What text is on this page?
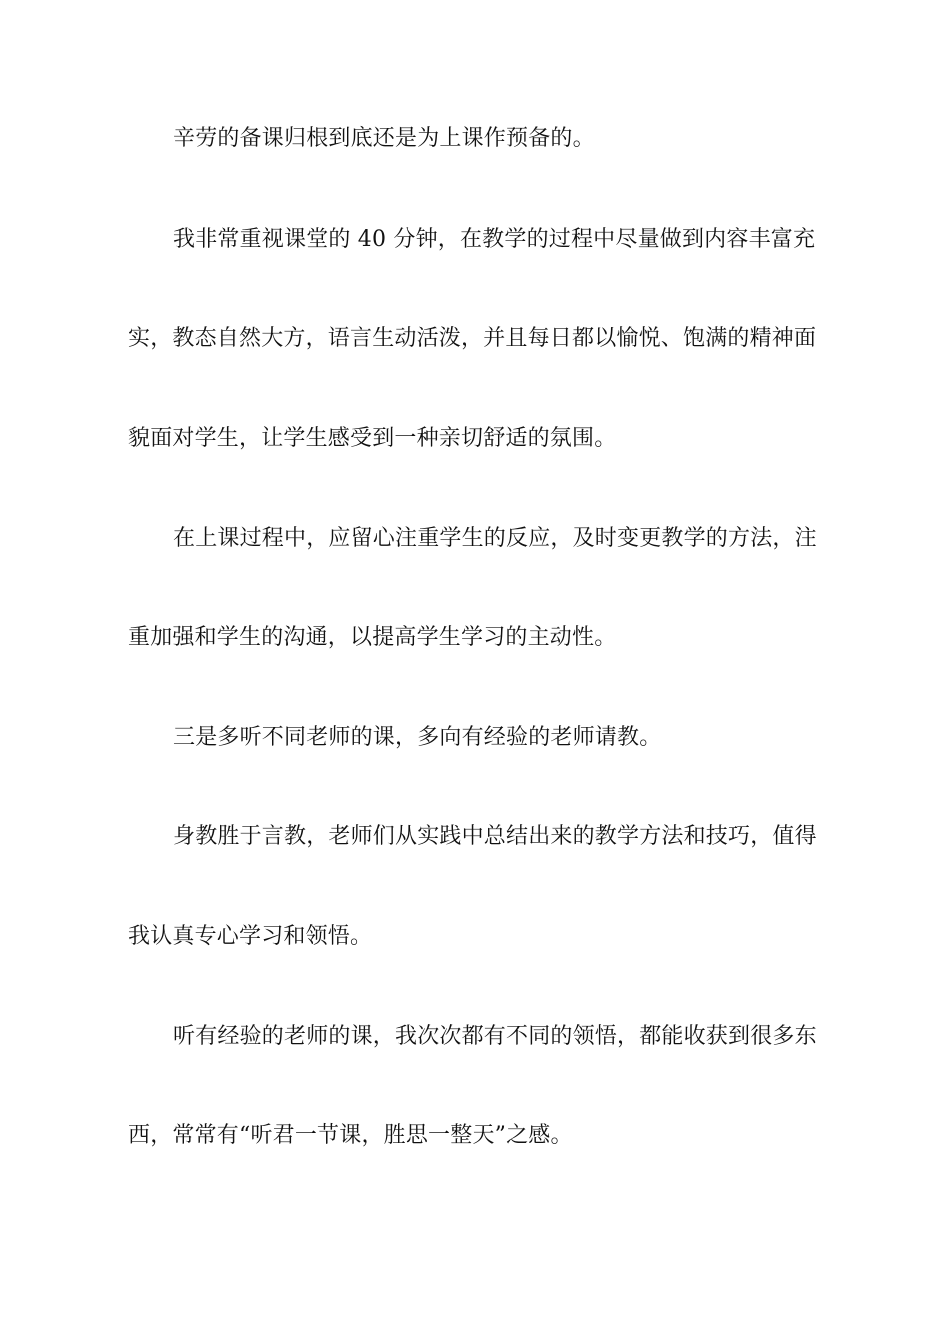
辛劳的备课归根到底还是为上课作预备的。
我非常重视课堂的 40 分钟，在教学的过程中尽量做到内容丰富充
实，教态自然大方，语言生动活泼，并且每日都以愉悦、饱满的精神面
貌面对学生，让学生感受到一种亲切舒适的氛围。
在上课过程中，应留心注重学生的反应，及时变更教学的方法，注
重加强和学生的沟通，以提高学生学习的主动性。
三是多听不同老师的课，多向有经验的老师请教。
身教胜于言教，老师们从实践中总结出来的教学方法和技巧，值得
我认真专心学习和领悟。
听有经验的老师的课，我次次都有不同的领悟，都能收获到很多东
西，常常有“听君一节课，胜思一整天”之感。
